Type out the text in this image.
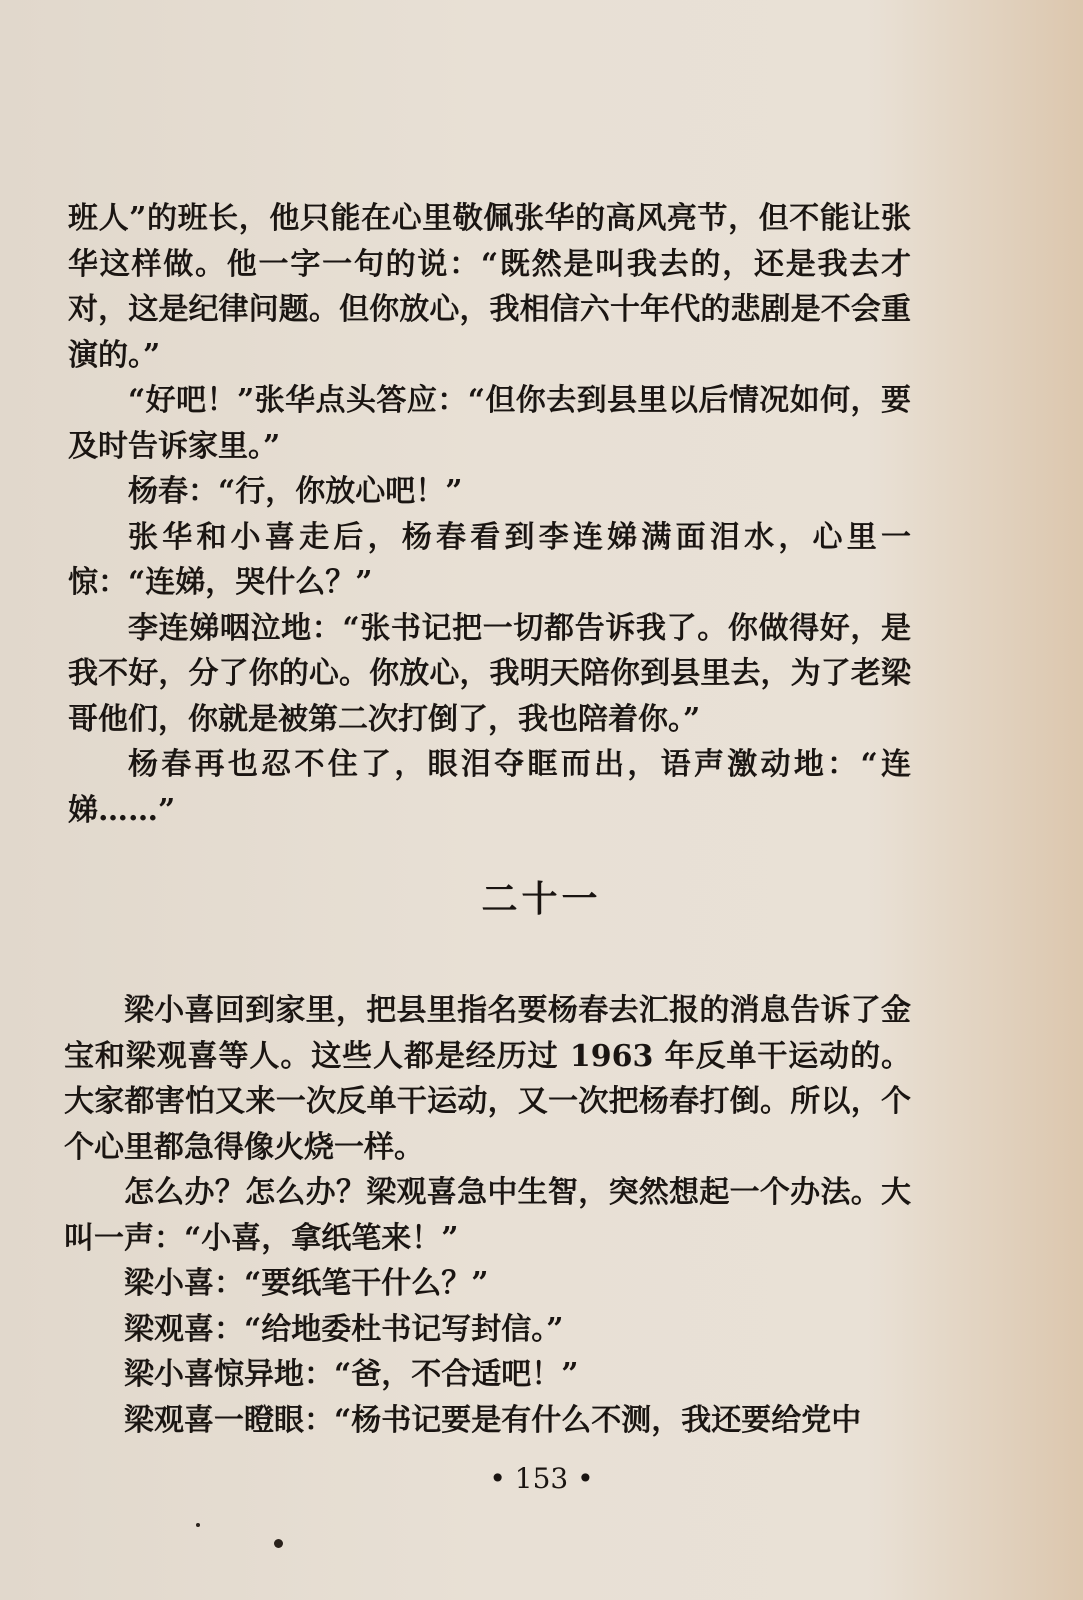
班人”的班长，他只能在心里敬佩张华的高风亮节，但不能让张华这样做。他一字一句的说：“既然是叫我去的，还是我去才对，这是纪律问题。但你放心，我相信六十年代的悲剧是不会重演的。”

“好吧！”张华点头答应：“但你去到县里以后情况如何，要及时告诉家里。”

杨春：“行，你放心吧！”

张华和小喜走后，杨春看到李连娣满面泪水，心里一惊：“连娣，哭什么？”

李连娣咽泣地：“张书记把一切都告诉我了。你做得好，是我不好，分了你的心。你放心，我明天陪你到县里去，为了老梁哥他们，你就是被第二次打倒了，我也陪着你。”

杨春再也忍不住了，眼泪夺眶而出，语声激动地：“连娣……”

二十一

梁小喜回到家里，把县里指名要杨春去汇报的消息告诉了金宝和梁观喜等人。这些人都是经历过 1963 年反单干运动的。大家都害怕又来一次反单干运动，又一次把杨春打倒。所以，个个心里都急得像火烧一样。

怎么办？怎么办？梁观喜急中生智，突然想起一个办法。大叫一声：“小喜，拿纸笔来！”

梁小喜：“要纸笔干什么？”

梁观喜：“给地委杜书记写封信。”

梁小喜惊异地：“爸，不合适吧！”

梁观喜一瞪眼：“杨书记要是有什么不测，我还要给党中

• 153 •
